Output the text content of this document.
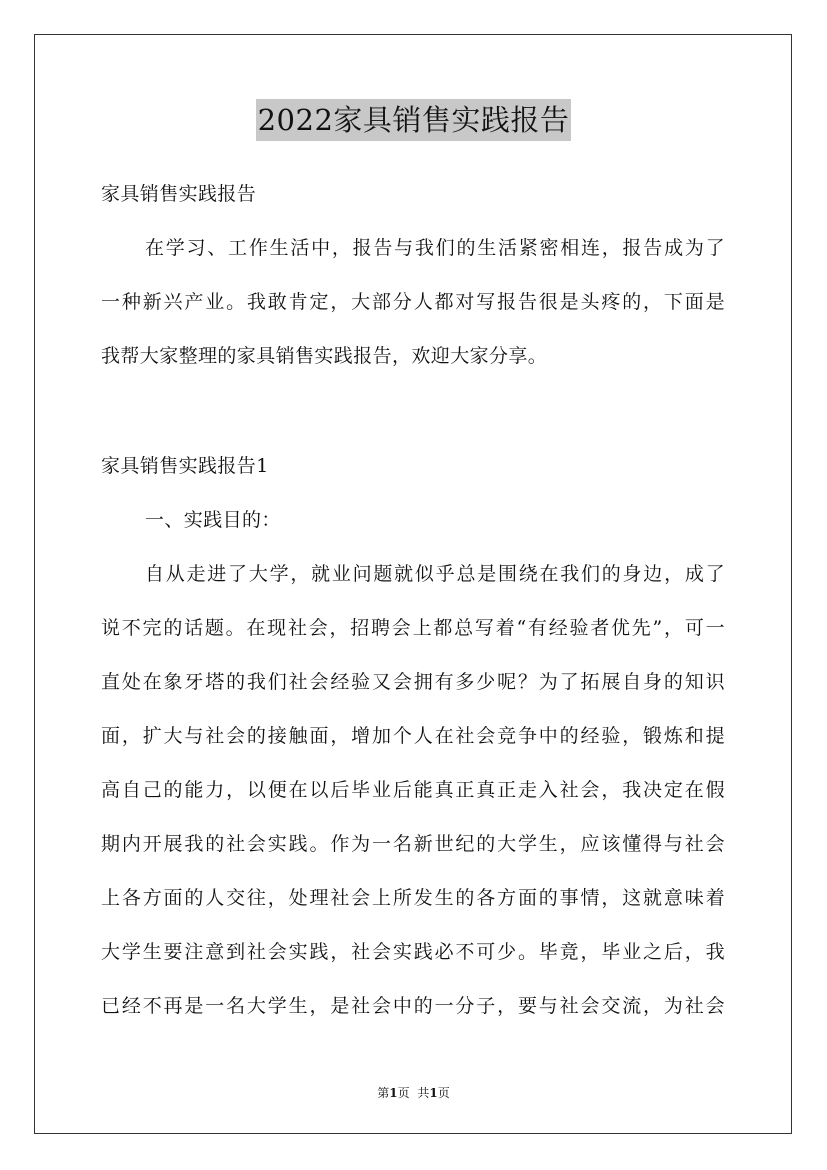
2022家具销售实践报告
家具销售实践报告
在学习、工作生活中，报告与我们的生活紧密相连，报告成为了
一种新兴产业。我敢肯定，大部分人都对写报告很是头疼的，下面是
我帮大家整理的家具销售实践报告，欢迎大家分享。
家具销售实践报告1
一、实践目的：
自从走进了大学，就业问题就似乎总是围绕在我们的身边，成了
说不完的话题。在现社会，招聘会上都总写着“有经验者优先”，可一
直处在象牙塔的我们社会经验又会拥有多少呢？为了拓展自身的知识
面，扩大与社会的接触面，增加个人在社会竞争中的经验，锻炼和提
高自己的能力，以便在以后毕业后能真正真正走入社会，我决定在假
期内开展我的社会实践。作为一名新世纪的大学生，应该懂得与社会
上各方面的人交往，处理社会上所发生的各方面的事情，这就意味着
大学生要注意到社会实践，社会实践必不可少。毕竟，毕业之后，我
已经不再是一名大学生，是社会中的一分子，要与社会交流，为社会
第1页 共1页
